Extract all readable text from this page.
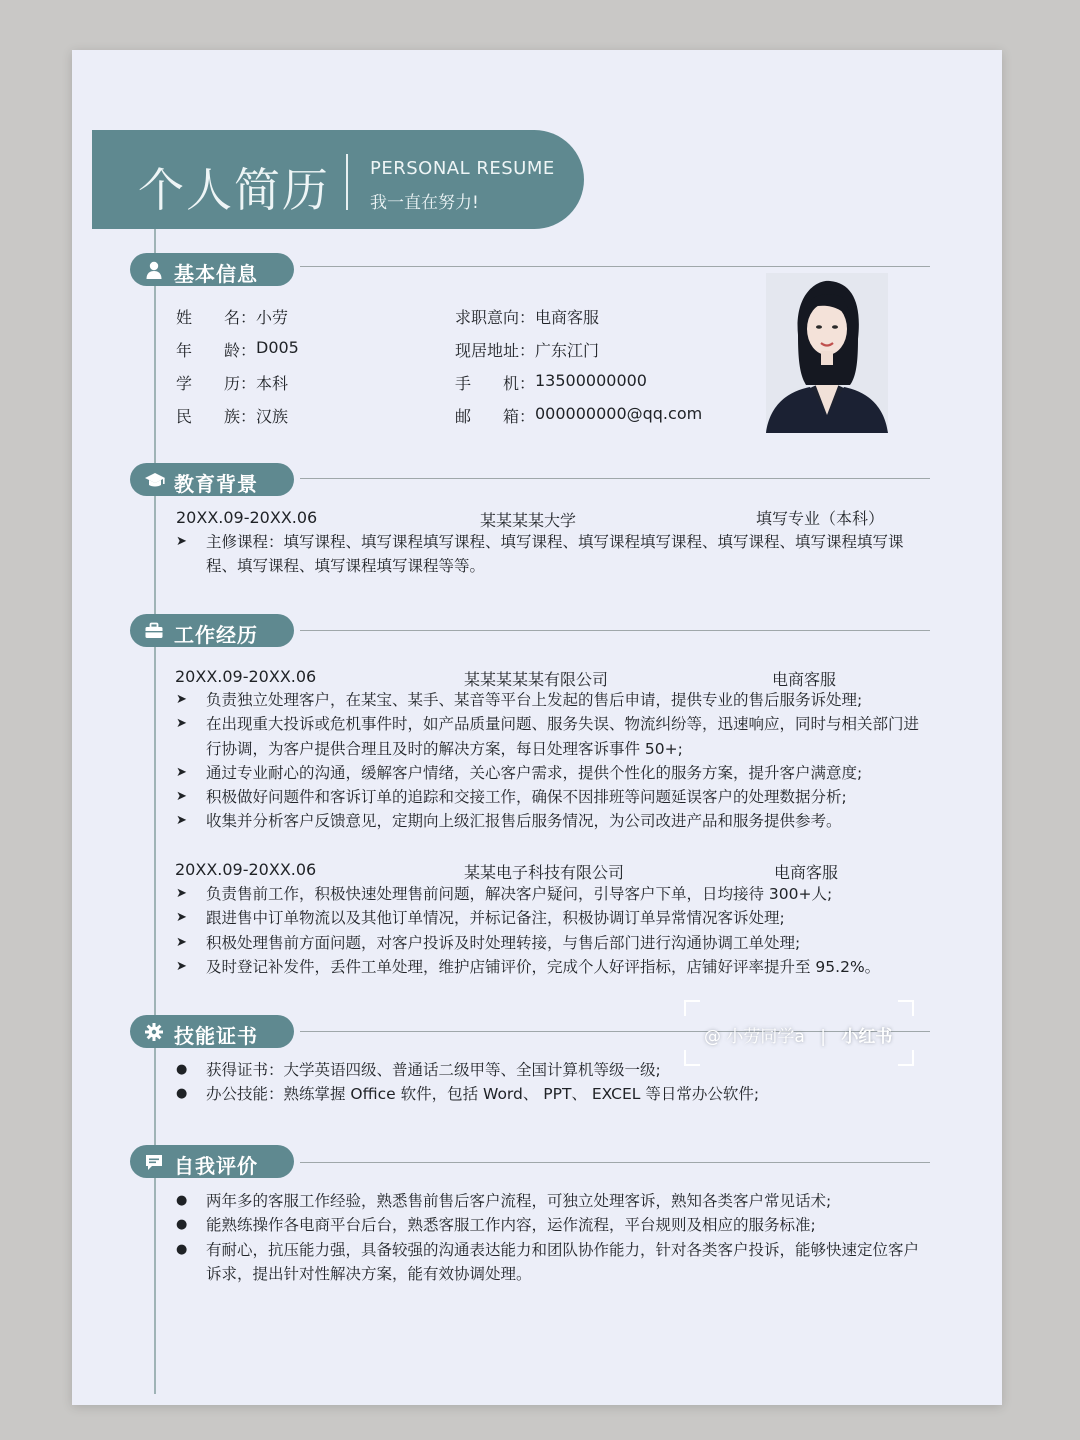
个人简历 PERSONAL RESUME
我一直在努力!
基本信息
姓　　名： 小劳
年　　龄： D005
学　　历： 本科
民　　族： 汉族
求职意向： 电商客服
现居地址： 广东江门
手　　机： 13500000000
邮　　箱： 000000000@qq.com
教育背景
20XX.09-20XX.06	某某某某大学	填写专业（本科）
➤	主修课程：填写课程、填写课程填写课程、填写课程、填写课程填写课程、填写课程、填写课程填写课程、填写课程、填写课程填写课程等等。
工作经历
20XX.09-20XX.06	某某某某某有限公司	电商客服
➤	负责独立处理客户，在某宝、某手、某音等平台上发起的售后申请，提供专业的售后服务诉处理;
➤	在出现重大投诉或危机事件时，如产品质量问题、服务失误、物流纠纷等，迅速响应，同时与相关部门进行协调，为客户提供合理且及时的解决方案，每日处理客诉事件 50+;
➤	通过专业耐心的沟通，缓解客户情绪，关心客户需求，提供个性化的服务方案，提升客户满意度;
➤	积极做好问题件和客诉订单的追踪和交接工作，确保不因排班等问题延误客户的处理数据分析;
➤	收集并分析客户反馈意见，定期向上级汇报售后服务情况，为公司改进产品和服务提供参考。
20XX.09-20XX.06	某某电子科技有限公司	电商客服
➤	负责售前工作，积极快速处理售前问题，解决客户疑问，引导客户下单，日均接待 300+人;
➤	跟进售中订单物流以及其他订单情况，并标记备注，积极协调订单异常情况客诉处理;
➤	积极处理售前方面问题，对客户投诉及时处理转接，与售后部门进行沟通协调工单处理;
➤	及时登记补发件，丢件工单处理，维护店铺评价，完成个人好评指标，店铺好评率提升至 95.2%。
技能证书
●	获得证书：大学英语四级、普通话二级甲等、全国计算机等级一级;
●	办公技能：熟练掌握 Office 软件，包括 Word、 PPT、 EXCEL 等日常办公软件;
自我评价
●	两年多的客服工作经验，熟悉售前售后客户流程，可独立处理客诉，熟知各类客户常见话术;
●	能熟练操作各电商平台后台，熟悉客服工作内容，运作流程，平台规则及相应的服务标准;
●	有耐心，抗压能力强，具备较强的沟通表达能力和团队协作能力，针对各类客户投诉，能够快速定位客户诉求，提出针对性解决方案，能有效协调处理。
@ 小劳同学a | 小红书
